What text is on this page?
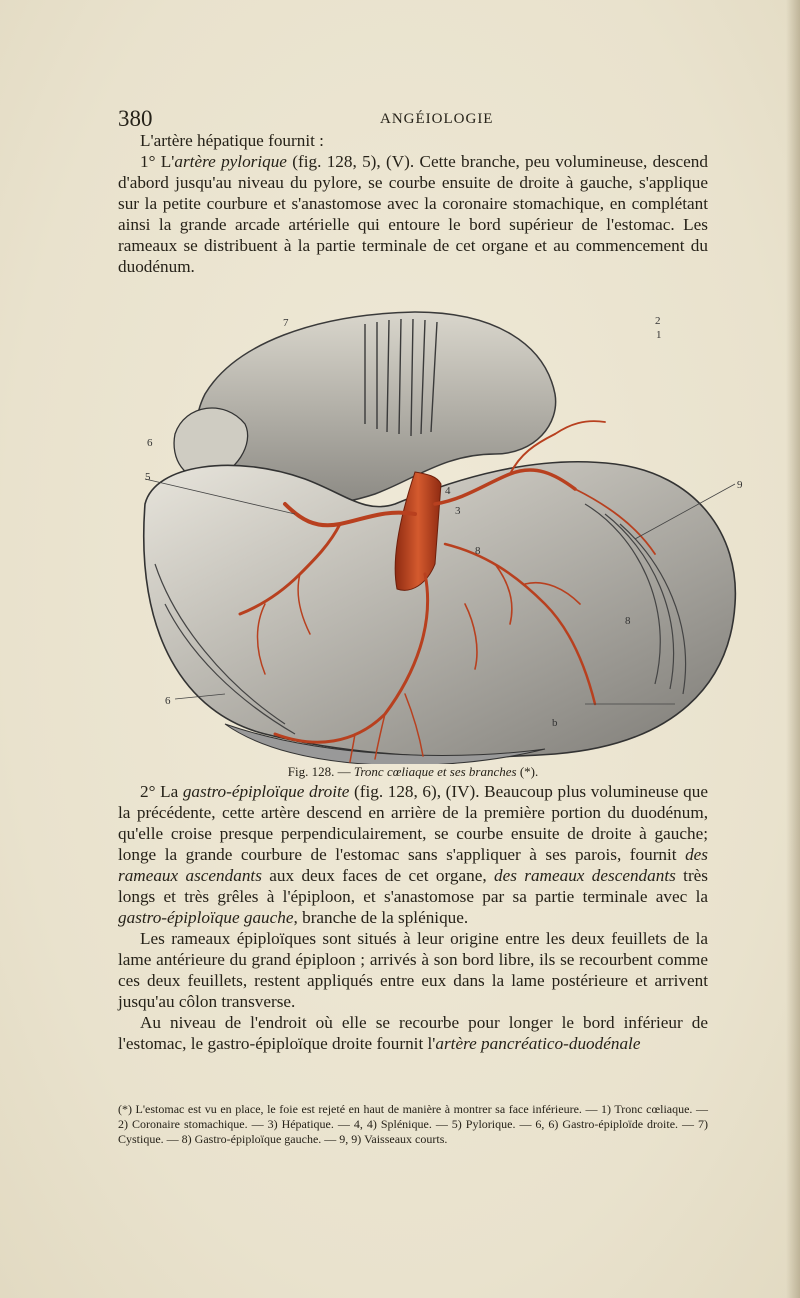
380	ANGÉIOLOGIE

L'artère hépatique fournit :

1° L'artère pylorique (fig. 128, 5), (V). Cette branche, peu volumineuse, descend d'abord jusqu'au niveau du pylore, se courbe ensuite de droite à gauche, s'applique sur la petite courbure et s'anastomose avec la coronaire stomachique, en complétant ainsi la grande arcade artérielle qui entoure le bord supérieur de l'estomac. Les rameaux se distribuent à la partie terminale de cet organe et au commencement du duodénum.

7	2
1
6
5
9
4
3
6
8
8
b
Fig. 128. — Tronc cœliaque et ses branches (*).

2° La gastro-épiploïque droite (fig. 128, 6), (IV). Beaucoup plus volumineuse que la précédente, cette artère descend en arrière de la première portion du duodénum, qu'elle croise presque perpendiculairement, se courbe ensuite de droite à gauche; longe la grande courbure de l'estomac sans s'appliquer à ses parois, fournit des rameaux ascendants aux deux faces de cet organe, des rameaux descendants très longs et très grêles à l'épiploon, et s'anastomose par sa partie terminale avec la gastro-épiploïque gauche, branche de la splénique.

Les rameaux épiploïques sont situés à leur origine entre les deux feuillets de la lame antérieure du grand épiploon ; arrivés à son bord libre, ils se recourbent comme ces deux feuillets, restent appliqués entre eux dans la lame postérieure et arrivent jusqu'au côlon transverse.

Au niveau de l'endroit où elle se recourbe pour longer le bord inférieur de l'estomac, le gastro-épiploïque droite fournit l'artère pancréatico-duodénale

(*) L'estomac est vu en place, le foie est rejeté en haut de manière à montrer sa face inférieure. — 1) Tronc cœliaque. — 2) Coronaire stomachique. — 3) Hépatique. — 4, 4) Splénique. — 5) Pylorique. — 6, 6) Gastro-épiploïde droite. — 7) Cystique. — 8) Gastro-épiploïque gauche. — 9, 9) Vaisseaux courts.
